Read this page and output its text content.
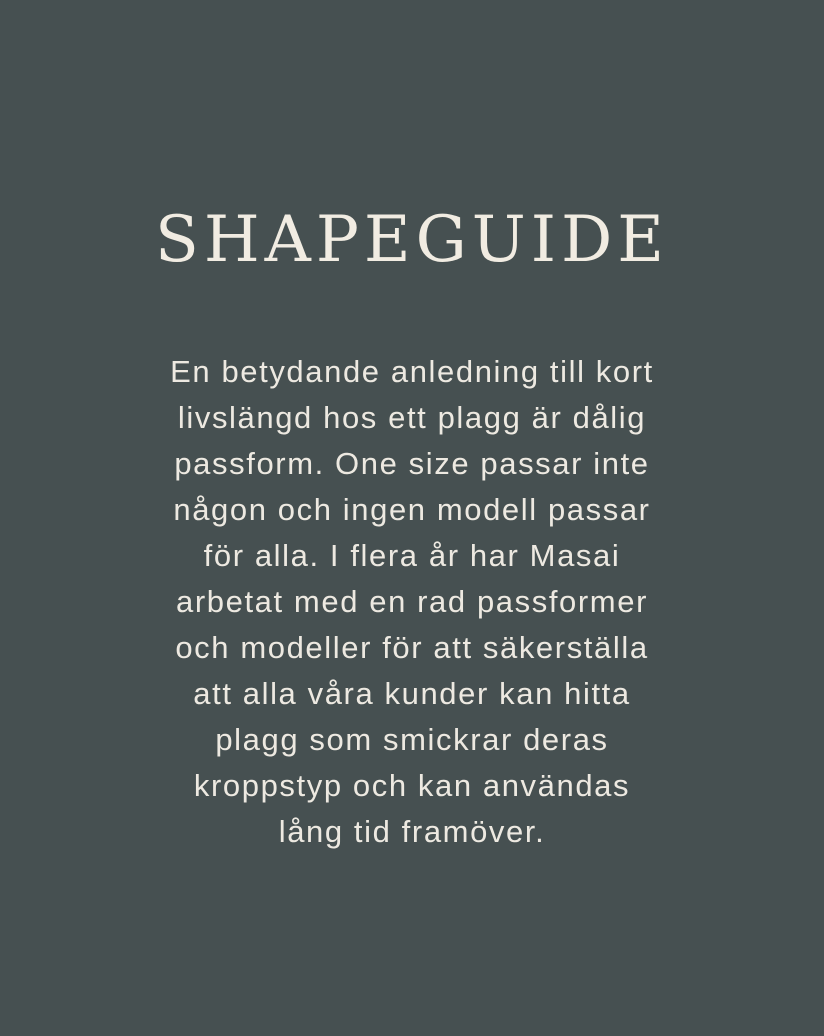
SHAPEGUIDE

En betydande anledning till kort
livslängd hos ett plagg är dålig
passform. One size passar inte
någon och ingen modell passar
för alla. I flera år har Masai
arbetat med en rad passformer
och modeller för att säkerställa
att alla våra kunder kan hitta
plagg som smickrar deras
kroppstyp och kan användas
lång tid framöver.
